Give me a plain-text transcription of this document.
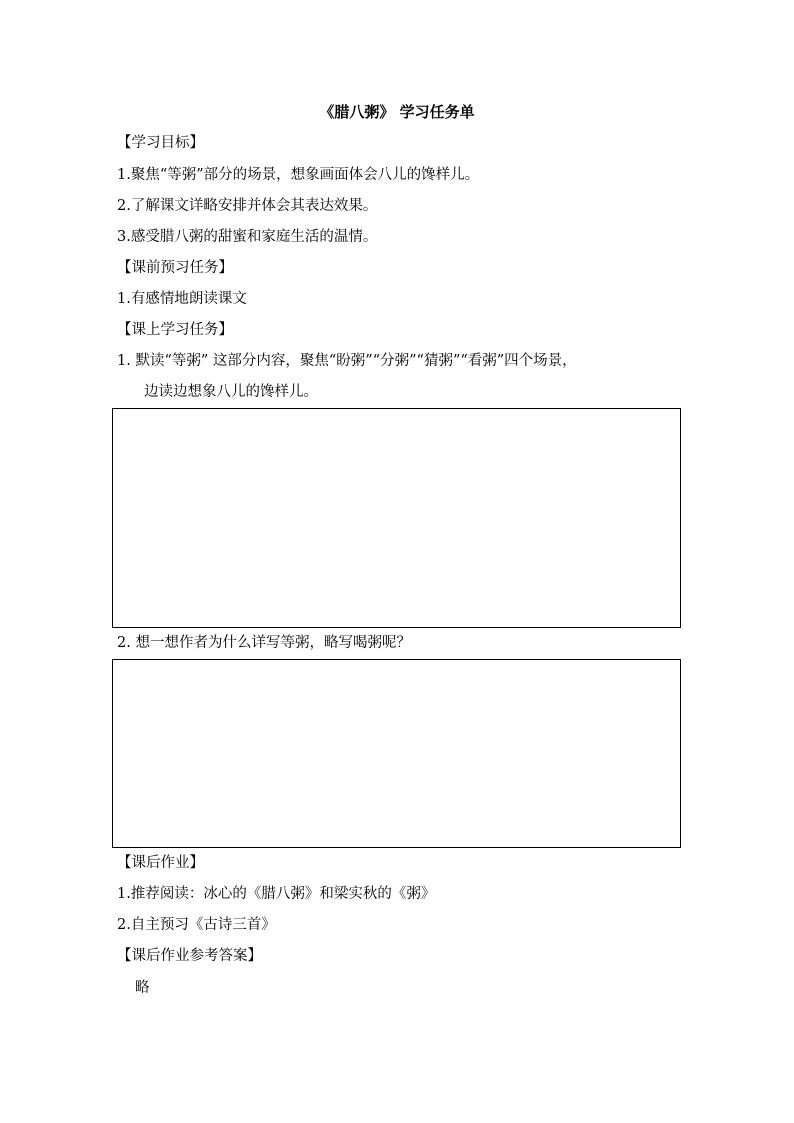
《腊八粥》 学习任务单
【学习目标】
1.聚焦“等粥”部分的场景，想象画面体会八儿的馋样儿。
2.了解课文详略安排并体会其表达效果。
3.感受腊八粥的甜蜜和家庭生活的温情。
【课前预习任务】
1.有感情地朗读课文
【课上学习任务】
1. 默读“等粥” 这部分内容，聚焦“盼粥”“分粥”“猜粥”“看粥”四个场景，
边读边想象八儿的馋样儿。
2. 想一想作者为什么详写等粥，略写喝粥呢？
【课后作业】
1.推荐阅读：冰心的《腊八粥》和梁实秋的《粥》
2.自主预习《古诗三首》
【课后作业参考答案】
略
